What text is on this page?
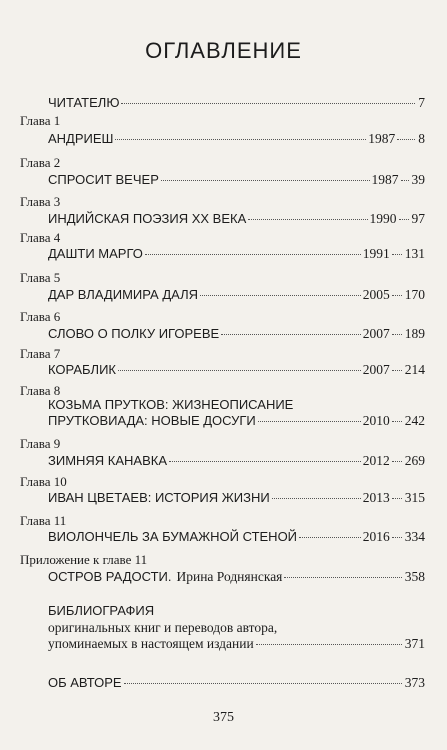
ОГЛАВЛЕНИЕ
ЧИТАТЕЛЮ	7
Глава 1
АНДРИЕШ	1987 8
Глава 2
СПРОСИТ ВЕЧЕР	1987 39
Глава 3
ИНДИЙСКАЯ ПОЭЗИЯ XX ВЕКА	1990 97
Глава 4
ДАШТИ МАРГО	1991 131
Глава 5
ДАР ВЛАДИМИРА ДАЛЯ	2005 170
Глава 6
СЛОВО О ПОЛКУ ИГОРЕВЕ	2007 189
Глава 7
КОРАБЛИК	2007 214
Глава 8
КОЗЬМА ПРУТКОВ: ЖИЗНЕОПИСАНИЕ
ПРУТКОВИАДА: НОВЫЕ ДОСУГИ	2010 242
Глава 9
ЗИМНЯЯ КАНАВКА	2012 269
Глава 10
ИВАН ЦВЕТАЕВ: ИСТОРИЯ ЖИЗНИ	2013 315
Глава 11
ВИОЛОНЧЕЛЬ ЗА БУМАЖНОЙ СТЕНОЙ	2016 334
Приложение к главе 11
ОСТРОВ РАДОСТИ. Ирина Роднянская	358
БИБЛИОГРАФИЯ
оригинальных книг и переводов автора,
упоминаемых в настоящем издании	371
ОБ АВТОРЕ	373
375
